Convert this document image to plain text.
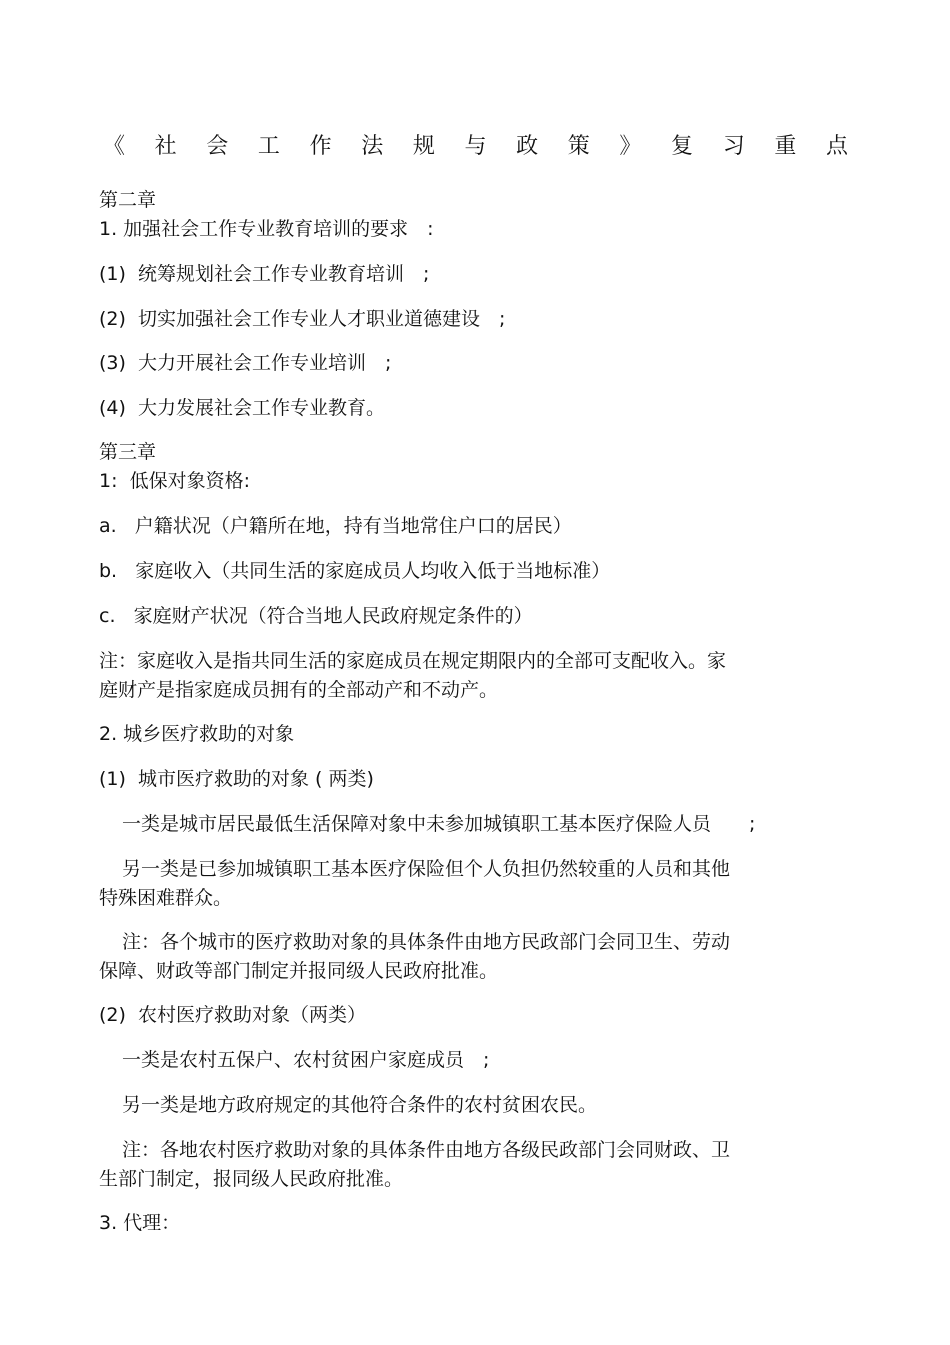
《 社 会 工 作 法 规 与 政 策 》 复 习 重 点
第二章
1. 加强社会工作专业教育培训的要求　:
(1)  统筹规划社会工作专业教育培训　;
(2)  切实加强社会工作专业人才职业道德建设　;
(3)  大力开展社会工作专业培训　;
(4)  大力发展社会工作专业教育。
第三章
1:  低保对象资格:
a.   户籍状况（户籍所在地，持有当地常住户口的居民）
b.   家庭收入（共同生活的家庭成员人均收入低于当地标准）
c.   家庭财产状况（符合当地人民政府规定条件的）
注：家庭收入是指共同生活的家庭成员在规定期限内的全部可支配收入。家
庭财产是指家庭成员拥有的全部动产和不动产。
2. 城乡医疗救助的对象
(1)  城市医疗救助的对象 ( 两类)
一类是城市居民最低生活保障对象中未参加城镇职工基本医疗保险人员　　;
另一类是已参加城镇职工基本医疗保险但个人负担仍然较重的人员和其他
特殊困难群众。
注：各个城市的医疗救助对象的具体条件由地方民政部门会同卫生、劳动
保障、财政等部门制定并报同级人民政府批准。
(2)  农村医疗救助对象（两类）
一类是农村五保户、农村贫困户家庭成员　;
另一类是地方政府规定的其他符合条件的农村贫困农民。
注：各地农村医疗救助对象的具体条件由地方各级民政部门会同财政、卫
生部门制定，报同级人民政府批准。
3. 代理：
